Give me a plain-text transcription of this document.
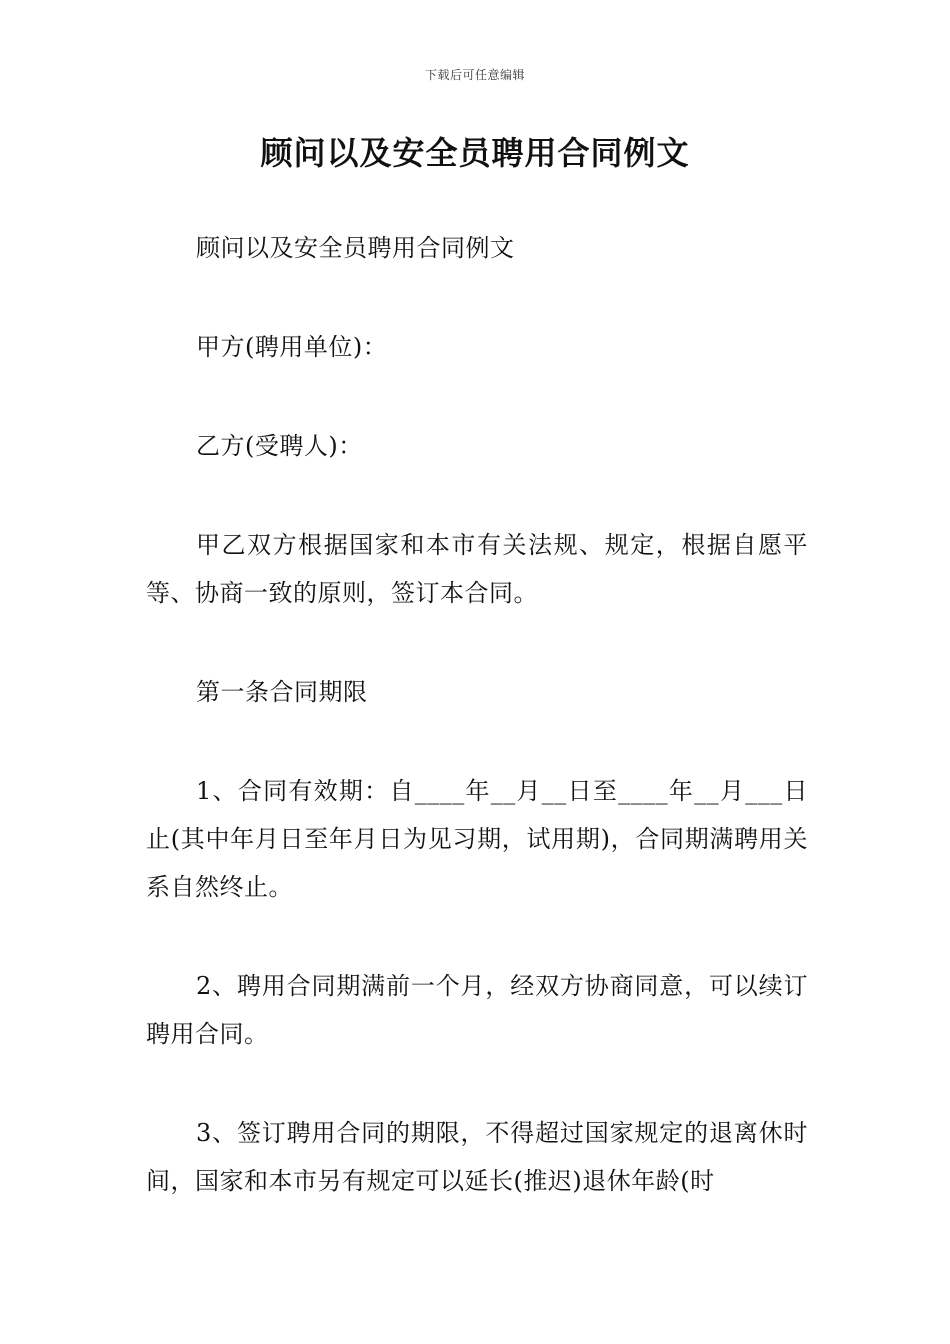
下载后可任意编辑
顾问以及安全员聘用合同例文

顾问以及安全员聘用合同例文

甲方(聘用单位)：

乙方(受聘人)：

甲乙双方根据国家和本市有关法规、规定，根据自愿平等、协商一致的原则，签订本合同。

第一条合同期限

1、合同有效期：自____年__月__日至____年__月___日止(其中年月日至年月日为见习期，试用期)，合同期满聘用关系自然终止。

2、聘用合同期满前一个月，经双方协商同意，可以续订聘用合同。

3、签订聘用合同的期限，不得超过国家规定的退离休时间，国家和本市另有规定可以延长(推迟)退休年龄(时
